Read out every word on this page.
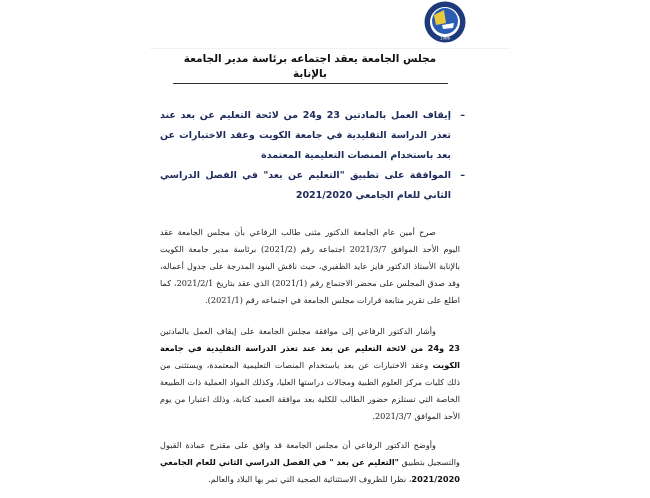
1966
مجلس الجامعة يعقد اجتماعه برئاسة مدير الجامعة بالإنابة
–
إيقاف العمل بالمادتين 23 و24 من لائحة التعليم عن بعد عند تعذر الدراسة التقليدية في جامعة الكويت وعقد الاختبارات عن بعد باستخدام المنصات التعليمية المعتمدة
–
الموافقة على تطبيق "التعليم عن بعد" في الفصل الدراسي الثاني للعام الجامعي 2021/2020
صرح أمين عام الجامعة الدكتور مثنى طالب الرفاعي بأن مجلس الجامعة عقد اليوم الأحد الموافق 2021/3/7 اجتماعه رقم (2021/2) برئاسة مدير جامعة الكويت بالإنابة الأستاذ الدكتور فايز عايد الظفيري، حيث ناقش البنود المدرجة على جدول أعماله، وقد صدق المجلس على محضر الاجتماع رقم (2021/1) الذي عقد بتاريخ 2021/2/1، كما اطلع على تقرير متابعة قرارات مجلس الجامعة في اجتماعه رقم (2021/1).
وأشار الدكتور الرفاعي إلى موافقة مجلس الجامعة على إيقاف العمل بالمادتين 23 و24 من لائحة التعليم عن بعد عند تعذر الدراسة التقليدية في جامعة الكويت وعقد الاختبارات عن بعد باستخدام المنصات التعليمية المعتمدة، ويستثنى من ذلك كليات مركز العلوم الطبية ومجالات دراستها العليا، وكذلك المواد العملية ذات الطبيعة الخاصة التي تستلزم حضور الطالب للكلية بعد موافقة العميد كتابة، وذلك اعتبارا من يوم الأحد الموافق 2021/3/7.
وأوضح الدكتور الرفاعي أن مجلس الجامعة قد وافق على مقترح عمادة القبول والتسجيل بتطبيق "التعليم عن بعد " في الفصل الدراسي الثاني للعام الجامعي 2021/2020، نظرا للظروف الاستثنائية الصحية التي تمر بها البلاد والعالم.
